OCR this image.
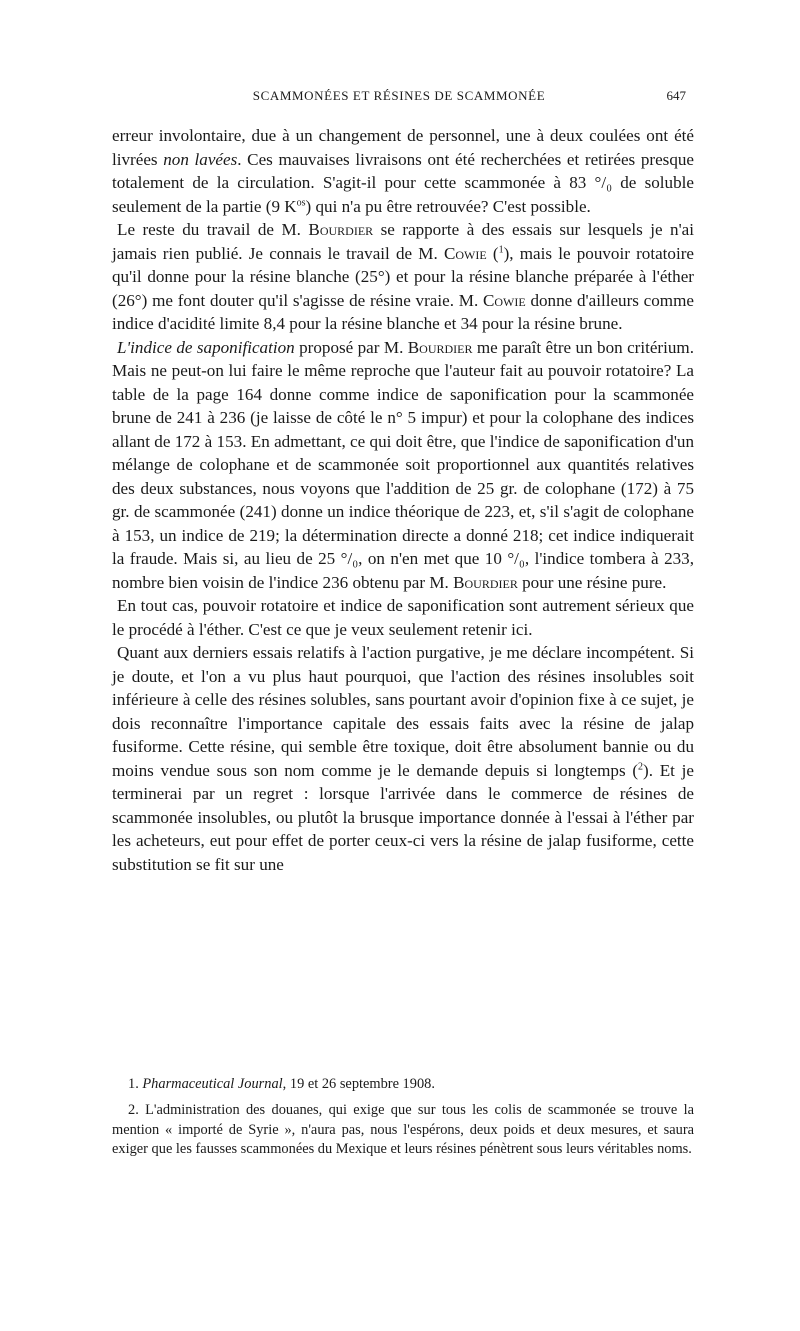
SCAMMONÉES ET RÉSINES DE SCAMMONÉE	647

erreur involontaire, due à un changement de personnel, une à deux coulées ont été livrées non lavées. Ces mauvaises livraisons ont été recherchées et retirées presque totalement de la circulation. S'agit-il pour cette scammonée à 83 °/₀ de soluble seulement de la partie (9 $K^{os}$) qui n'a pu être retrouvée? C'est possible.

Le reste du travail de M. Bourdier se rapporte à des essais sur lesquels je n'ai jamais rien publié. Je connais le travail de M. Cowie ($^1$), mais le pouvoir rotatoire qu'il donne pour la résine blanche (25°) et pour la résine blanche préparée à l'éther (26°) me font douter qu'il s'agisse de résine vraie. M. Cowie donne d'ailleurs comme indice d'acidité limite 8,4 pour la résine blanche et 34 pour la résine brune.

L'indice de saponification proposé par M. Bourdier me paraît être un bon critérium. Mais ne peut-on lui faire le même reproche que l'auteur fait au pouvoir rotatoire? La table de la page 164 donne comme indice de saponification pour la scammonée brune de 241 à 236 (je laisse de côté le n° 5 impur) et pour la colophane des indices allant de 172 à 153. En admettant, ce qui doit être, que l'indice de saponification d'un mélange de colophane et de scammonée soit proportionnel aux quantités relatives des deux substances, nous voyons que l'addition de 25 gr. de colophane (172) à 75 gr. de scammonée (241) donne un indice théorique de 223, et, s'il s'agit de colophane à 153, un indice de 219; la détermination directe a donné 218; cet indice indiquerait la fraude. Mais si, au lieu de 25 °/₀, on n'en met que 10 °/₀, l'indice tombera à 233, nombre bien voisin de l'indice 236 obtenu par M. Bourdier pour une résine pure.

En tout cas, pouvoir rotatoire et indice de saponification sont autrement sérieux que le procédé à l'éther. C'est ce que je veux seulement retenir ici.

Quant aux derniers essais relatifs à l'action purgative, je me déclare incompétent. Si je doute, et l'on a vu plus haut pourquoi, que l'action des résines insolubles soit inférieure à celle des résines solubles, sans pourtant avoir d'opinion fixe à ce sujet, je dois reconnaître l'importance capitale des essais faits avec la résine de jalap fusiforme. Cette résine, qui semble être toxique, doit être absolument bannie ou du moins vendue sous son nom comme je le demande depuis si longtemps ($^2$). Et je terminerai par un regret : lorsque l'arrivée dans le commerce de résines de scammonée insolubles, ou plutôt la brusque importance donnée à l'essai à l'éther par les acheteurs, eut pour effet de porter ceux-ci vers la résine de jalap fusiforme, cette substitution se fit sur une

1. Pharmaceutical Journal, 19 et 26 septembre 1908.

2. L'administration des douanes, qui exige que sur tous les colis de scammonée se trouve la mention « importé de Syrie », n'aura pas, nous l'espérons, deux poids et deux mesures, et saura exiger que les fausses scammonées du Mexique et leurs résines pénètrent sous leurs véritables noms.
